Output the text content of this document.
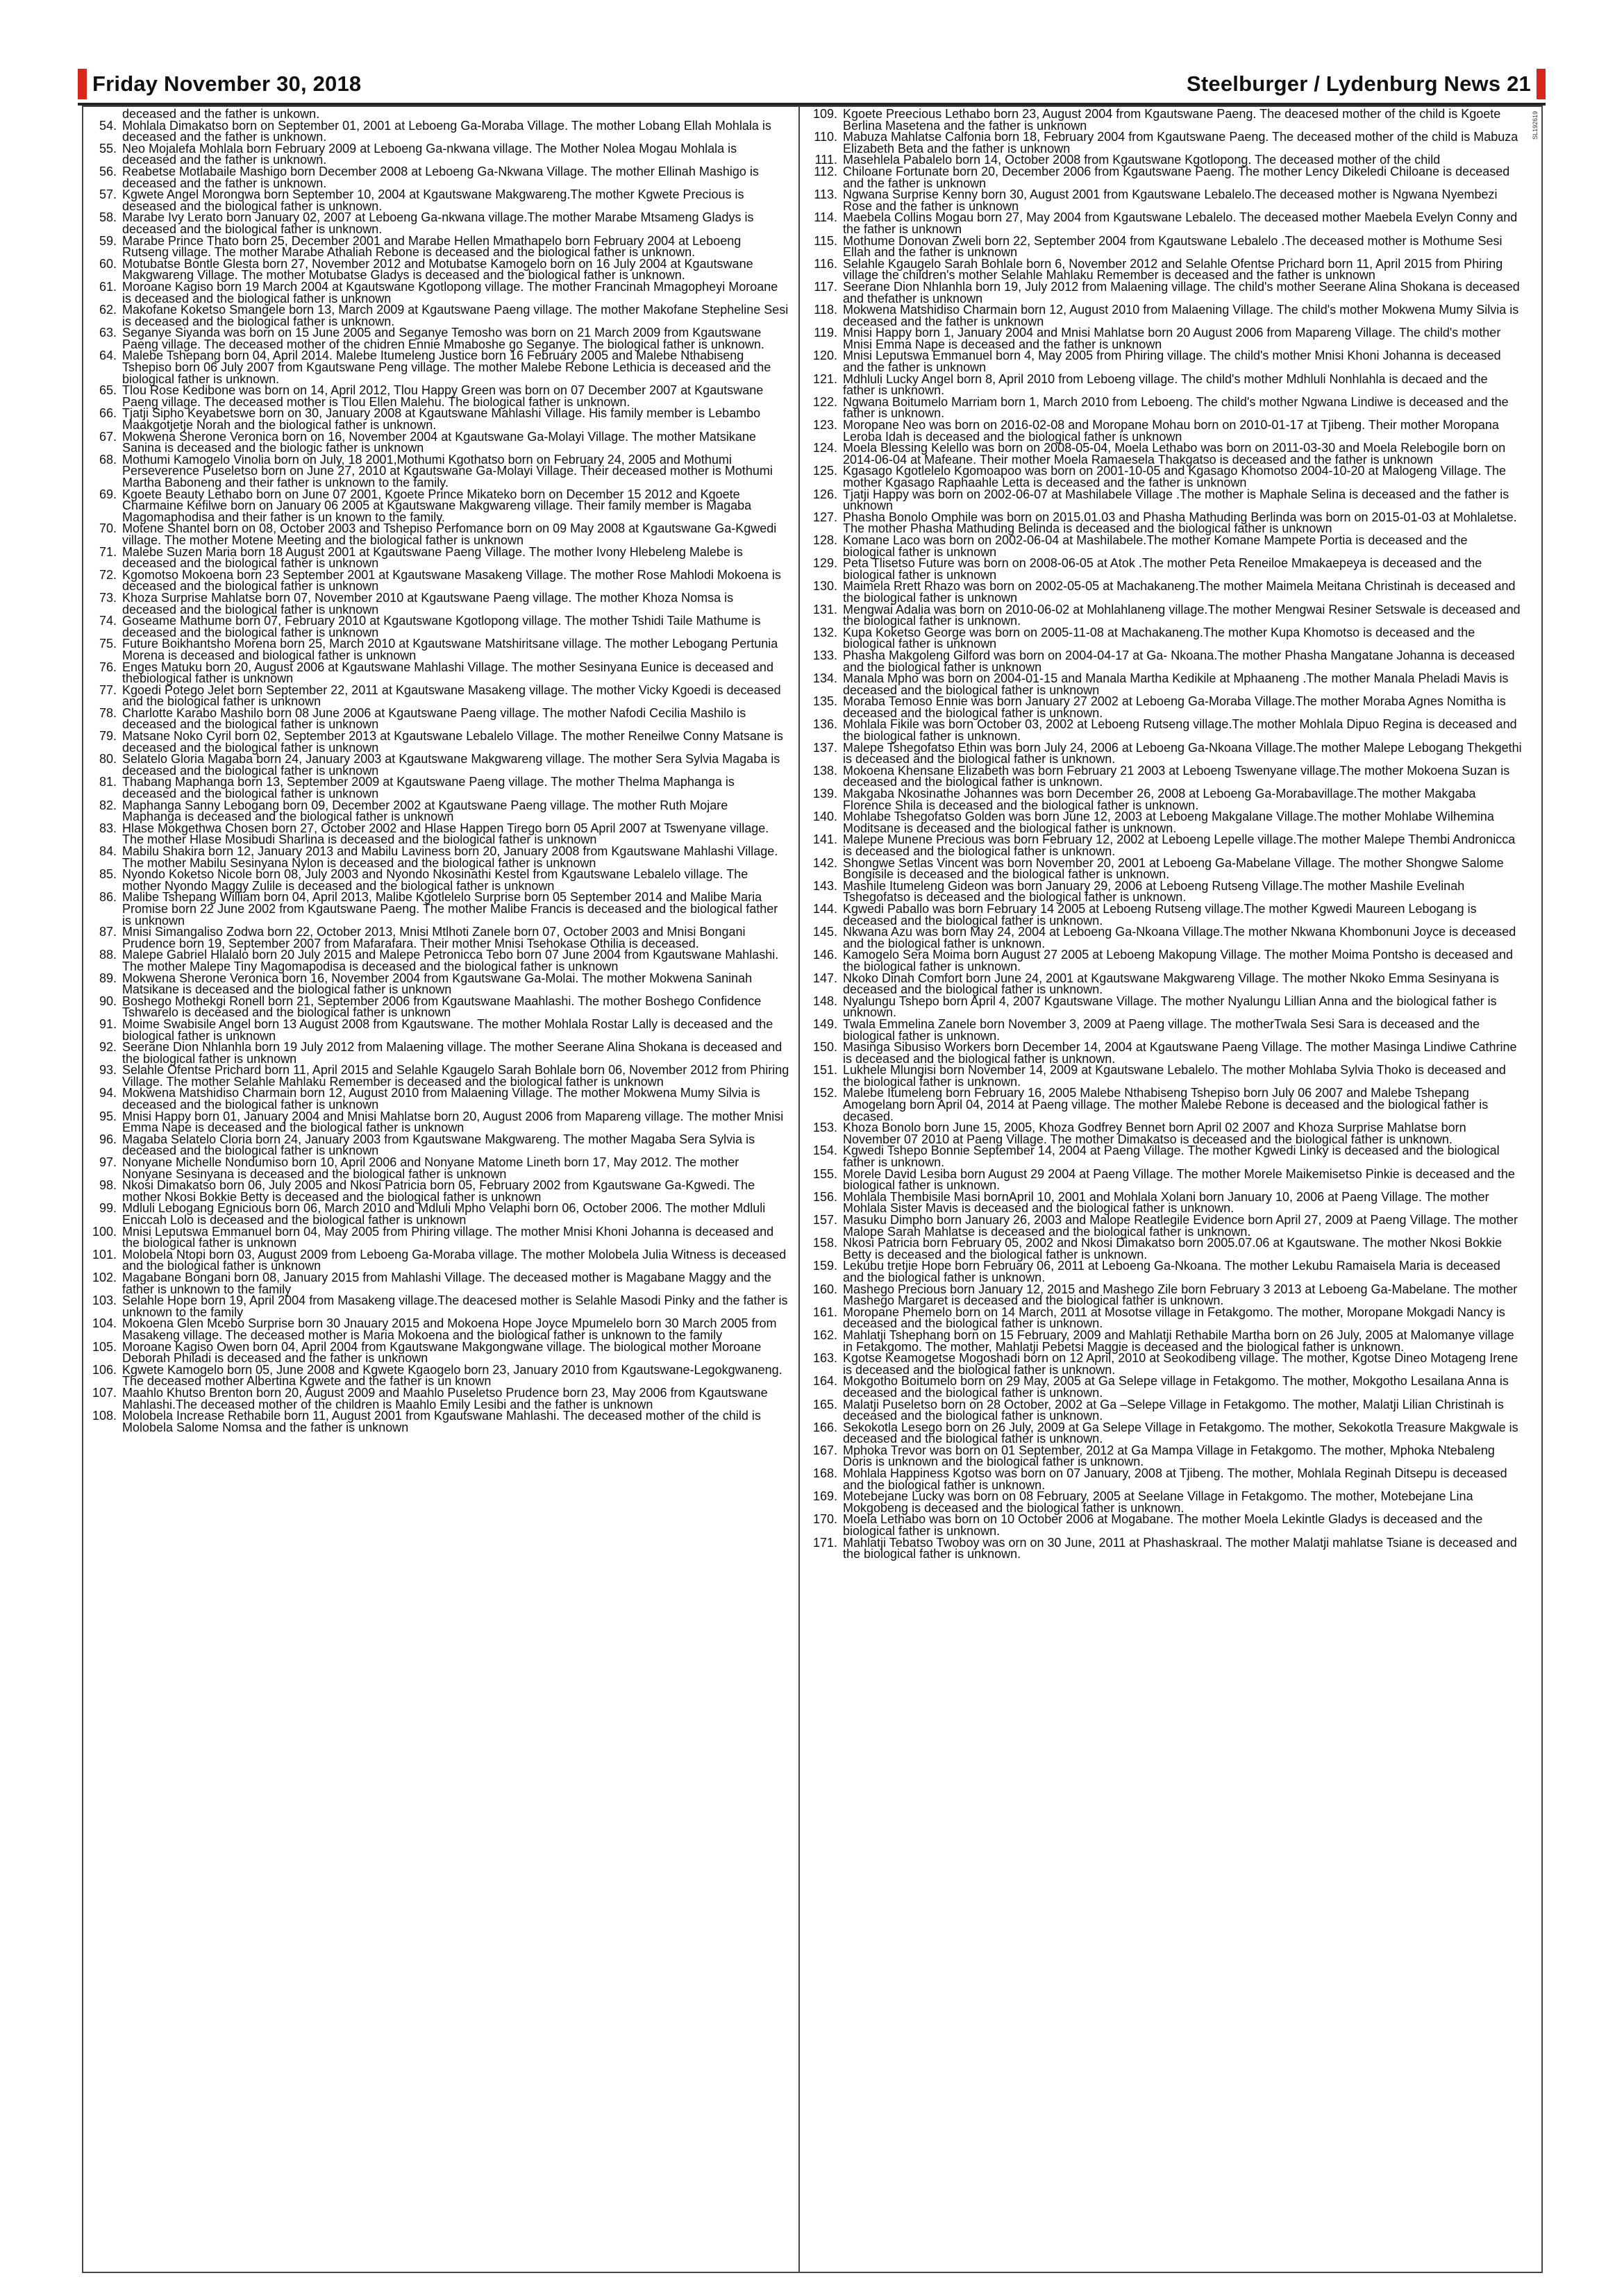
Friday November 30, 2018	Steelburger / Lydenburg News 21
SL192619
deceased and the father is unkown.
54. Mohlala Dimakatso born on September 01, 2001 at Leboeng Ga-Moraba Village. The mother Lobang Ellah Mohlala is deceased and the father is unknown.
55. Neo Mojalefa Mohlala born February 2009 at Leboeng Ga-nkwana village. The Mother Nolea Mogau Mohlala is deceased and the father is unknown.
56. Reabetse Motlabaile Mashigo born December 2008 at Leboeng Ga-Nkwana Village. The mother Ellinah Mashigo is deceased and the father is unknown.
57. Kgwete Angel Morongwa born September 10, 2004 at Kgautswane Makgwareng.The mother Kgwete Precious is deseased and the biological father is unknown.
58. Marabe Ivy Lerato born January 02, 2007 at Leboeng Ga-nkwana village.The mother Marabe Mtsameng Gladys is deceased and the biological father is unknown.
59. Marabe Prince Thato born 25, December 2001 and Marabe Hellen Mmathapelo born February 2004 at Leboeng Rutseng village. The mother Marabe Athaliah Rebone is deceased and the biological father is unknown.
60. Motubatse Bontle Glesta born 27, November 2012 and Motubatse Kamogelo born on 16 July 2004 at Kgautswane Makgwareng Village. The mother Motubatse Gladys is deceased and the biological father is unknown.
61. Moroane Kagiso born 19 March 2004 at Kgautswane Kgotlopong village. The mother Francinah Mmagopheyi Moroane is deceased and the biological father is unknown
62. Makofane Koketso Smangele born 13, March 2009 at Kgautswane Paeng village. The mother Makofane Stepheline Sesi is deceased and the biological father is unknown.
63. Seganye Siyanda was born on 15 June 2005 and Seganye Temosho was born on 21 March 2009 from Kgautswane Paeng village. The deceased mother of the chidren Ennie Mmaboshe go Seganye. The biological father is unknown.
64. Malebe Tshepang born 04, April 2014. Malebe Itumeleng Justice born 16 February 2005 and Malebe Nthabiseng Tshepiso born 06 July 2007 from Kgautswane Peng village. The mother Malebe Rebone Lethicia is deceased and the biological father is unknown.
65. Tlou Rose Kedibone was born on 14, April 2012, Tlou Happy Green was born on 07 December 2007 at Kgautswane Paeng village. The deceased mother is Tlou Ellen Malehu. The biological father is unknown.
66. Tjatji Sipho Keyabetswe born on 30, January 2008 at Kgautswane Mahlashi Village. His family member is Lebambo Maakgotjetje Norah and the biological father is unknown.
67. Mokwena Sherone Veronica born on 16, November 2004 at Kgautswane Ga-Molayi Village. The mother Matsikane Sanina is deceased and the biologic father is unknown
68. Mothumi Kamogelo Vinolia born on July, 18 2001,Mothumi Kgothatso born on February 24, 2005 and Mothumi Perseverence Puseletso born on June 27, 2010 at Kgautswane Ga-Molayi Village. Their deceased mother is Mothumi Martha Baboneng and their father is unknown to the family.
69. Kgoete Beauty Lethabo born on June 07 2001, Kgoete Prince Mikateko born on December 15 2012 and Kgoete Charmaine Kefilwe born on January 06 2005 at Kgautswane Makgwareng village. Their family member is Magaba Magomaphodisa and their father is un known to the family.
70. Motene Shantel born on 08, October 2003 and Tshepiso Perfomance born on 09 May 2008 at Kgautswane Ga-Kgwedi village. The mother Motene Meeting and the biological father is unknown
71. Malebe Suzen Maria born 18 August 2001 at Kgautswane Paeng Village. The mother Ivony Hlebeleng Malebe is deceased and the biological father is unknown
72. Kgomotso Mokoena born 23 September 2001 at Kgautswane Masakeng Village. The mother Rose Mahlodi Mokoena is deceased and the biological father is unknown
73. Khoza Surprise Mahlatse born 07, November 2010 at Kgautswane Paeng village. The mother Khoza Nomsa is deceased and the biological father is unknown
74. Goseame Mathume born 07, February 2010 at Kgautswane Kgotlopong village. The mother Tshidi Taile Mathume is deceased and the biological father is unknown
75. Future Boikhantsho Morena born 25, March 2010 at Kgautswane Matshiritsane village. The mother Lebogang Pertunia Morena is deceased and biological father is unknown
76. Enges Matuku born 20, August 2006 at Kgautswane Mahlashi Village. The mother Sesinyana Eunice is deceased and thebiological father is unknown
77. Kgoedi Potego Jelet born September 22, 2011 at Kgautswane Masakeng village. The mother Vicky Kgoedi is deceased and the biological father is unknown
78. Charlotte Karabo Mashilo born 08 June 2006 at Kgautswane Paeng village. The mother Nafodi Cecilia Mashilo is deceased and the biological father is unknown
79. Matsane Noko Cyril born 02, September 2013 at Kgautswane Lebalelo Village. The mother Reneilwe Conny Matsane is deceased and the biological father is unknown
80. Selatelo Gloria Magaba born 24, January 2003 at Kgautswane Makgwareng village. The mother Sera Sylvia Magaba is deceased and the biological father is unknown
81. Thabang Maphanga born 13, September 2009 at Kgautswane Paeng village. The mother Thelma Maphanga is deceased and the biological father is unknown
82. Maphanga Sanny Lebogang born 09, December 2002 at Kgautswane Paeng village. The mother Ruth Mojare Maphanga is deceased and the biological father is unknown
83. Hlase Mokgethwa Chosen born 27, October 2002 and Hlase Happen Tirego born 05 April 2007 at Tswenyane village. The mother Hlase Mosibudi Sharlina is deceased and the biological father is unknown
84. Mabilu Shakira born 12, January 2013 and Mabilu Laviness born 20, January 2008 from Kgautswane Mahlashi Village. The mother Mabilu Sesinyana Nylon is deceased and the biological father is unknown
85. Nyondo Koketso Nicole born 08, July 2003 and Nyondo Nkosinathi Kestel from Kgautswane Lebalelo village. The mother Nyondo Maggy Zulile is deceased and the biological father is unknown
86. Malibe Tshepang William born 04, April 2013, Malibe Kgotlelelo Surprise born 05 September 2014 and Malibe Maria Promise born 22 June 2002 from Kgautswane Paeng. The mother Malibe Francis is deceased and the biological father is unknown
87. Mnisi Simangaliso Zodwa born 22, October 2013, Mnisi Mtlhoti Zanele born 07, October 2003 and Mnisi Bongani Prudence born 19, September 2007 from Mafarafara. Their mother Mnisi Tsehokase Othilia is deceased.
88. Malepe Gabriel Hlalalo born 20 July 2015 and Malepe Petronicca Tebo born 07 June 2004 from Kgautswane Mahlashi. The mother Malepe Tiny Magomapodisa is deceased and the biological father is unknown
89. Mokwena Sherone Veronica born 16, November 2004 from Kgautswane Ga-Molai. The mother Mokwena Saninah Matsikane is deceased and the biological father is unknown
90. Boshego Mothekgi Ronell born 21, September 2006 from Kgautswane Maahlashi. The mother Boshego Confidence Tshwarelo is deceased and the biological father is unknown
91. Moime Swabisile Angel born 13 August 2008 from Kgautswane. The mother Mohlala Rostar Lally is deceased and the biological father is unknown
92. Seerane Dion Nhlanhla born 19 July 2012 from Malaening village. The mother Seerane Alina Shokana is deceased and the biological father is unknown
93. Selahle Ofentse Prichard born 11, April 2015 and Selahle Kgaugelo Sarah Bohlale born 06, November 2012 from Phiring Village. The mother Selahle Mahlaku Remember is deceased and the biological father is unknown
94. Mokwena Matshidiso Charmain born 12, August 2010 from Malaening Village. The mother Mokwena Mumy Silvia is deceased and the biological father is unknown
95. Mnisi Happy born 01, January 2004 and Mnisi Mahlatse born 20, August 2006 from Mapareng village. The mother Mnisi Emma Nape is deceased and the biological father is unknown
96. Magaba Selatelo Cloria born 24, January 2003 from Kgautswane Makgwareng. The mother Magaba Sera Sylvia is deceased and the biological father is unknown
97. Nonyane Michelle Nondumiso born 10, April 2006 and Nonyane Matome Lineth born 17, May 2012. The mother Nonyane Sesinyana is deceased and the biological father is unknown
98. Nkosi Dimakatso born 06, July 2005 and Nkosi Patricia born 05, February 2002 from Kgautswane Ga-Kgwedi. The mother Nkosi Bokkie Betty is deceased and the biological father is unknown
99. Mdluli Lebogang Egnicious born 06, March 2010 and Mdluli Mpho Velaphi born 06, October 2006. The mother Mdluli Eniccah Lolo is deceased and the biological father is unknown
100. Mnisi Leputswa Emmanuel born 04, May 2005 from Phiring village. The mother Mnisi Khoni Johanna is deceased and the biological father is unknown
101. Molobela Ntopi born 03, August 2009 from Leboeng Ga-Moraba village. The mother Molobela Julia Witness is deceased and the biological father is unknown
102. Magabane Bongani born 08, January 2015 from Mahlashi Village. The deceased mother is Magabane Maggy and the father is unknown to the family
103. Selahle Hope born 19, April 2004 from Masakeng village.The deacesed mother is Selahle Masodi Pinky and the father is unknown to the family
104. Mokoena Glen Mcebo Surprise born 30 Jnauary 2015 and Mokoena Hope Joyce Mpumelelo born 30 March 2005 from Masakeng village. The deceased mother is Maria Mokoena and the biological father is unknown to the family
105. Moroane Kagiso Owen born 04, April 2004 from Kgautswane Makgongwane village. The biological mother Moroane Deborah Philadi is deceased and the father is unknown
106. Kgwete Kamogelo born 05, June 2008 and Kgwete Kgaogelo born 23, January 2010 from Kgautswane-Legokgwaneng. The deceased mother Albertina Kgwete and the father is un known
107. Maahlo Khutso Brenton born 20, August 2009 and Maahlo Puseletso Prudence born 23, May 2006 from Kgautswane Mahlashi.The deceased mother of the children is Maahlo Emily Lesibi and the father is unknown
108. Molobela Increase Rethabile born 11, August 2001 from Kgautswane Mahlashi. The deceased mother of the child is Molobela Salome Nomsa and the father is unknown
109. Kgoete Preecious Lethabo born 23, August 2004 from Kgautswane Paeng. The deacesed mother of the child is Kgoete Berlina Masetena and the father is unknown
110. Mabuza Mahlatse Calfonia born 18, February 2004 from Kgautswane Paeng. The deceased mother of the child is Mabuza Elizabeth Beta and the father is unknown
111. Masehlela Pabalelo born 14, October 2008 from Kgautswane Kgotlopong. The deceased mother of the child
112. Chiloane Fortunate born 20, December 2006 from Kgautswane Paeng. The mother Lency Dikeledi Chiloane is deceased and the father is unknown
113. Ngwana Surprise Kenny born 30, August 2001 from Kgautswane Lebalelo.The deceased mother is Ngwana Nyembezi Rose and the father is unknown
114. Maebela Collins Mogau born 27, May 2004 from Kgautswane Lebalelo. The deceased mother Maebela Evelyn Conny and the father is unknown
115. Mothume Donovan Zweli born 22, September 2004 from Kgautswane Lebalelo .The deceased mother is Mothume Sesi Ellah and the father is unknown
116. Selahle Kgaugelo Sarah Bohlale born 6, November 2012 and Selahle Ofentse Prichard born 11, April 2015 from Phiring village the children's mother Selahle Mahlaku Remember is deceased and the father is unknown
117. Seerane Dion Nhlanhla born 19, July 2012 from Malaening village. The child's mother Seerane Alina Shokana is deceased and thefather is unknown
118. Mokwena Matshidiso Charmain born 12, August 2010 from Malaening Village. The child's mother Mokwena Mumy Silvia is deceased and the father is unknown
119. Mnisi Happy born 1, January 2004 and Mnisi Mahlatse born 20 August 2006 from Mapareng Village. The child's mother Mnisi Emma Nape is deceased and the father is unknown
120. Mnisi Leputswa Emmanuel born 4, May 2005 from Phiring village. The child's mother Mnisi Khoni Johanna is deceased and the father is unknown
121. Mdhluli Lucky Angel born 8, April 2010 from Leboeng village. The child's mother Mdhluli Nonhlahla is decaed and the father is unknown.
122. Ngwana Boitumelo Marriam born 1, March 2010 from Leboeng. The child's mother Ngwana Lindiwe is deceased and the father is unknown.
123. Moropane Neo was born on 2016-02-08 and Moropane Mohau born on 2010-01-17 at Tjibeng. Their mother Moropana Leroba Idah is deceased and the biological father is unknown
124. Moela Blessing Kelello was born on 2008-05-04, Moela Lethabo was born on 2011-03-30 and Moela Relebogile born on 2014-06-04 at Mafeane. Their mother Moela Ramaesela Thakgatso is deceased and the father is unknown
125. Kgasago Kgotlelelo Kgomoapoo was born on 2001-10-05 and Kgasago Khomotso 2004-10-20 at Malogeng Village. The mother Kgasago Raphaahle Letta is deceased and the father is unknown
126. Tjatji Happy was born on 2002-06-07 at Mashilabele Village .The mother is Maphale Selina is deceased and the father is unknown
127. Phasha Bonolo Omphile was born on 2015.01.03 and Phasha Mathuding Berlinda was born on 2015-01-03 at Mohlaletse. The mother Phasha Mathuding Belinda is deceased and the biological father is unknown
128. Komane Laco was born on 2002-06-04 at Mashilabele.The mother Komane Mampete Portia is deceased and the biological father is unknown
129. Peta Tlisetso Future was born on 2008-06-05 at Atok .The mother Peta Reneiloe Mmakaepeya is deceased and the biological father is unknown
130. Maimela Rrett Rhazo was born on 2002-05-05 at Machakaneng.The mother Maimela Meitana Christinah is deceased and the biological father is unknown
131. Mengwai Adalia was born on 2010-06-02 at Mohlahlaneng village.The mother Mengwai Resiner Setswale is deceased and the biological father is unknown.
132. Kupa Koketso George was born on 2005-11-08 at Machakaneng.The mother Kupa Khomotso is deceased and the biological father is unknown
133. Phasha Makgoleng Gilford was born on 2004-04-17 at Ga- Nkoana.The mother Phasha Mangatane Johanna is deceased and the biological father is unknown
134. Manala Mpho was born on 2004-01-15 and Manala Martha Kedikile at Mphaaneng .The mother Manala Pheladi Mavis is deceased and the biological father is unknown
135. Moraba Temoso Ennie was born January 27 2002 at Leboeng Ga-Moraba Village.The mother Moraba Agnes Nomitha is deceased and the biological father is unknown.
136. Mohlala Fikile was born October 03, 2002 at Leboeng Rutseng village.The mother Mohlala Dipuo Regina is deceased and the biological father is unknown.
137. Malepe Tshegofatso Ethin was born July 24, 2006 at Leboeng Ga-Nkoana Village.The mother Malepe Lebogang Thekgethi is deceased and the biological father is unknown.
138. Mokoena Khensane Elizabeth was born February 21 2003 at Leboeng Tswenyane village.The mother Mokoena Suzan is deceased and the biological father is unknown.
139. Makgaba Nkosinathe Johannes was born December 26, 2008 at Leboeng Ga-Morabavillage.The mother Makgaba Florence Shila is deceased and the biological father is unknown.
140. Mohlabe Tshegofatso Golden was born June 12, 2003 at Leboeng Makgalane Village.The mother Mohlabe Wilhemina Moditsane is deceased and the biological father is unknown.
141. Malepe Munene Precious was born February 12, 2002 at Leboeng Lepelle village.The mother Malepe Thembi Andronicca is deceased and the biological father is unknown.
142. Shongwe Setlas Vincent was born November 20, 2001 at Leboeng Ga-Mabelane Village. The mother Shongwe Salome Bongisile is deceased and the biological father is unknown.
143. Mashile Itumeleng Gideon was born January 29, 2006 at Leboeng Rutseng Village.The mother Mashile Evelinah Tshegofatso is deceased and the biological father is unknown.
144. Kgwedi Paballo was born February 14 2005 at Leboeng Rutseng village.The mother Kgwedi Maureen Lebogang is deceased and the biological father is unknown.
145. Nkwana Azu was born May 24, 2004 at Leboeng Ga-Nkoana Village.The mother Nkwana Khombonuni Joyce is deceased and the biological father is unknown.
146. Kamogelo Sera Moima born August 27 2005 at Leboeng Makopung Village. The mother Moima Pontsho is deceased and the biological father is unknown.
147. Nkoko Dinah Comfort born June 24, 2001 at Kgautswane Makgwareng Village. The mother Nkoko Emma Sesinyana is deceased and the biological father is unknown.
148. Nyalungu Tshepo born April 4, 2007 Kgautswane Village. The mother Nyalungu Lillian Anna and the biological father is unknown.
149. Twala Emmelina Zanele born November 3, 2009 at Paeng village. The motherTwala Sesi Sara is deceased and the biological father is unknown.
150. Masinga Sibusiso Workers born December 14, 2004 at Kgautswane Paeng Village. The mother Masinga Lindiwe Cathrine is deceased and the biological father is unknown.
151. Lukhele Mlungisi born November 14, 2009 at Kgautswane Lebalelo. The mother Mohlaba Sylvia Thoko is deceased and the biological father is unknown.
152. Malebe Itumeleng born February 16, 2005 Malebe Nthabiseng Tshepiso born July 06 2007 and Malebe Tshepang Amogelang born April 04, 2014 at Paeng village. The mother Malebe Rebone is deceased and the biological father is decased.
153. Khoza Bonolo born June 15, 2005, Khoza Godfrey Bennet born April 02 2007 and Khoza Surprise Mahlatse born November 07 2010 at Paeng Village. The mother Dimakatso is deceased and the biological father is unknown.
154. Kgwedi Tshepo Bonnie September 14, 2004 at Paeng Village. The mother Kgwedi Linky is deceased and the biological father is unknown.
155. Morele David Lesiba born August 29 2004 at Paeng Village. The mother Morele Maikemisetso Pinkie is deceased and the biological father is unknown.
156. Mohlala Thembisile Masi bornApril 10, 2001 and Mohlala Xolani born January 10, 2006 at Paeng Village. The mother Mohlala Sister Mavis is deceased and the biological father is unknown.
157. Masuku Dimpho born January 26, 2003 and Malope Reatlegile Evidence born April 27, 2009 at Paeng Village. The mother Malope Sarah Mahlatse is deceased and the biological father is unknown.
158. Nkosi Patricia born February 05, 2002 and Nkosi Dimakatso born 2005.07.06 at Kgautswane. The mother Nkosi Bokkie Betty is deceased and the biological father is unknown.
159. Lekubu tretjie Hope born February 06, 2011 at Leboeng Ga-Nkoana. The mother Lekubu Ramaisela Maria is deceased and the biological father is unknown.
160. Mashego Precious born January 12, 2015 and Mashego Zile born February 3 2013 at Leboeng Ga-Mabelane. The mother Mashego Margaret is deceased and the biological father is unknown.
161. Moropane Phemelo born on 14 March, 2011 at Mosotse village in Fetakgomo. The mother, Moropane Mokgadi Nancy is deceased and the biological father is unknown.
162. Mahlatji Tshephang born on 15 February, 2009 and Mahlatji Rethabile Martha born on 26 July, 2005 at Malomanye village in Fetakgomo. The mother, Mahlatji Pebetsi Maggie is deceased and the biological father is unknown.
163. Kgotse Keamogetse Mogoshadi born on 12 April, 2010 at Seokodibeng village. The mother, Kgotse Dineo Motageng Irene is deceased and the biological father is unknown.
164. Mokgotho Boitumelo born on 29 May, 2005 at Ga Selepe village in Fetakgomo. The mother, Mokgotho Lesailana Anna is deceased and the biological father is unknown.
165. Malatji Puseletso born on 28 October, 2002 at Ga –Selepe Village in Fetakgomo. The mother, Malatji Lilian Christinah is deceased and the biological father is unknown.
166. Sekokotla Lesego born on 26 July, 2009 at Ga Selepe Village in Fetakgomo. The mother, Sekokotla Treasure Makgwale is deceased and the biological father is unknown.
167. Mphoka Trevor was born on 01 September, 2012 at Ga Mampa Village in Fetakgomo. The mother, Mphoka Ntebaleng Doris is unknown and the biological father is unknown.
168. Mohlala Happiness Kgotso was born on 07 January, 2008 at Tjibeng. The mother, Mohlala Reginah Ditsepu is deceased and the biological father is unknown.
169. Motebejane Lucky was born on 08 February, 2005 at Seelane Village in Fetakgomo. The mother, Motebejane Lina Mokgobeng is deceased and the biological father is unknown.
170. Moela Lethabo was born on 10 October 2006 at Mogabane. The mother Moela Lekintle Gladys is deceased and the biological father is unknown.
171. Mahlatji Tebatso Twoboy was orn on 30 June, 2011 at Phashaskraal. The mother Malatji mahlatse Tsiane is deceased and the biological father is unknown.
